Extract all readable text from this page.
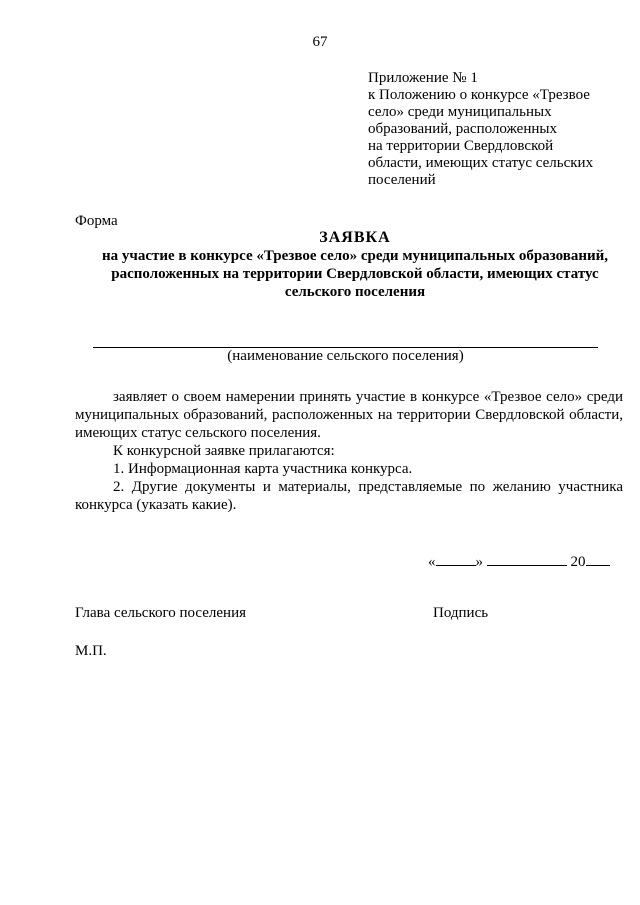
67
Приложение № 1
к Положению о конкурсе «Трезвое
село» среди муниципальных
образований, расположенных
на территории Свердловской
области, имеющих статус сельских
поселений
Форма
ЗАЯВКА
на участие в конкурсе «Трезвое село» среди муниципальных образований,
расположенных на территории Свердловской области, имеющих статус
сельского поселения
(наименование сельского поселения)

заявляет о своем намерении принять участие в конкурсе «Трезвое село» среди муниципальных образований, расположенных на территории Свердловской области, имеющих статус сельского поселения.

К конкурсной заявке прилагаются:

1. Информационная карта участника конкурса.

2. Другие документы и материалы, представляемые по желанию участника конкурса (указать какие).

«	»	20
Глава сельского поселения	Подпись
М.П.
